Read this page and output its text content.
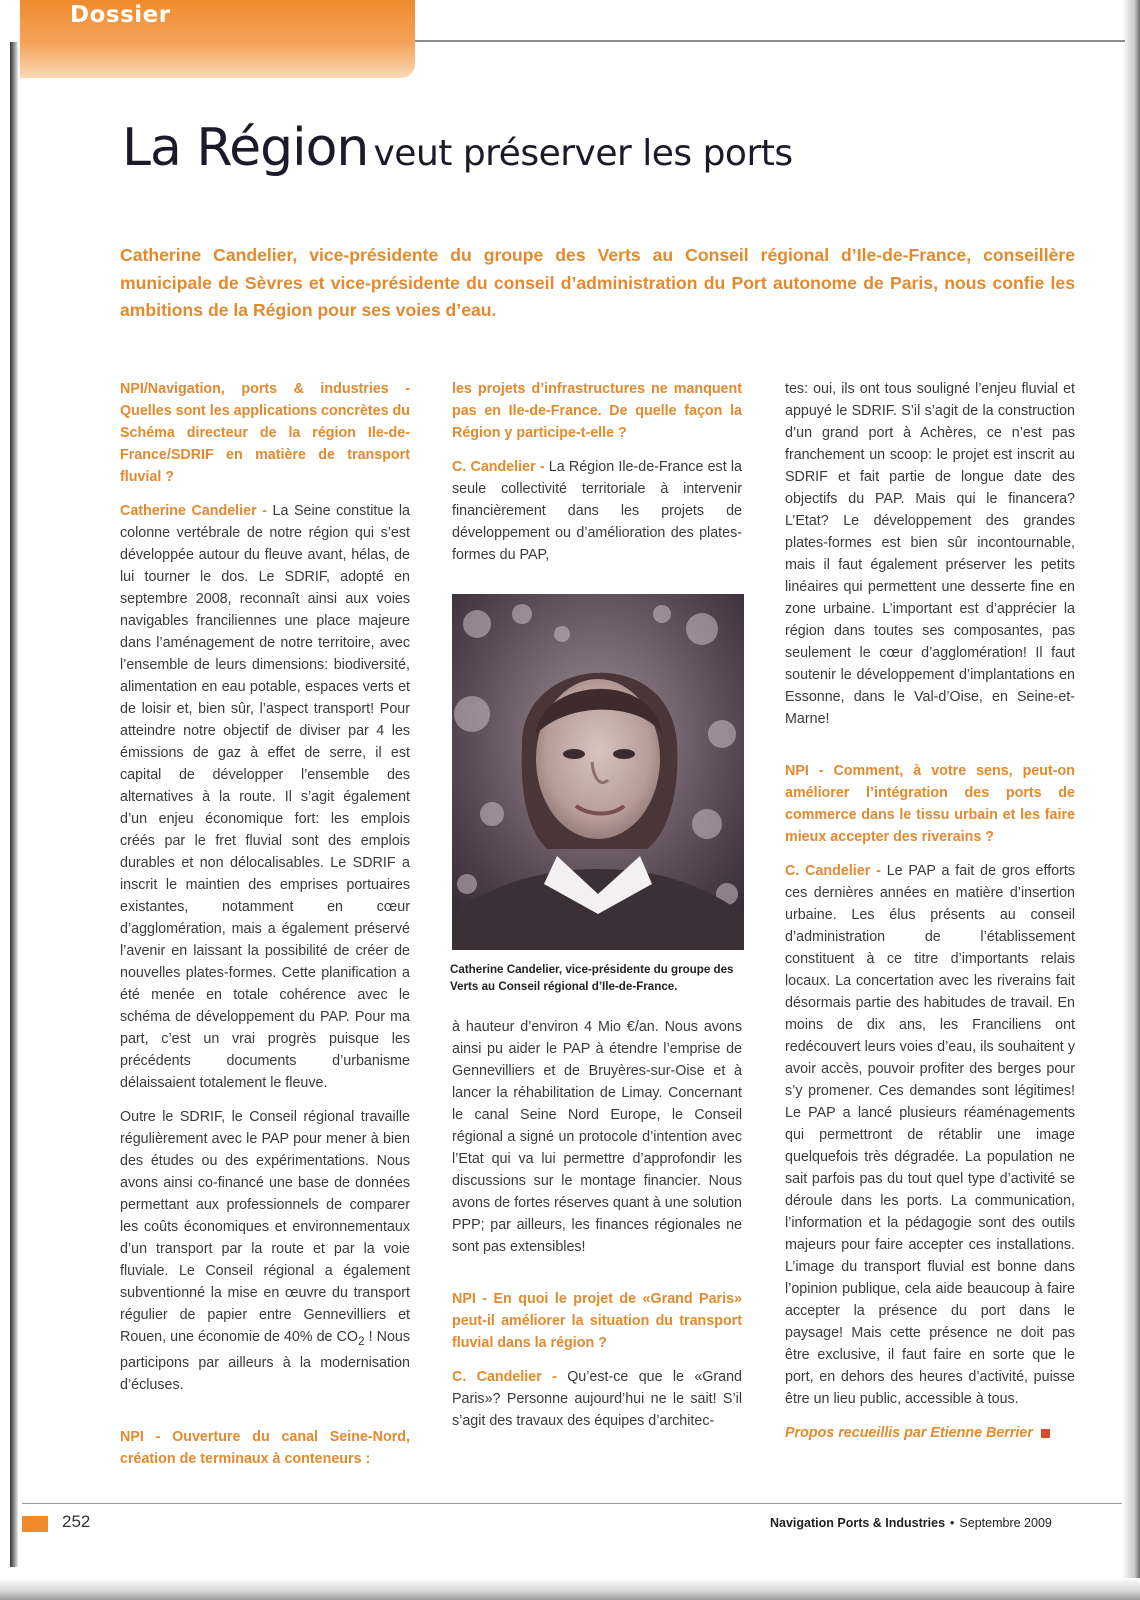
Dossier
La Région veut préserver les ports
Catherine Candelier, vice-présidente du groupe des Verts au Conseil régional d’Ile-de-France, conseillère municipale de Sèvres et vice-présidente du conseil d’administration du Port autonome de Paris, nous confie les ambitions de la Région pour ses voies d’eau.

NPI/Navigation, ports & industries - Quelles sont les applications concrètes du Schéma directeur de la région Ile-de-France/SDRIF en matière de transport fluvial ?

Catherine Candelier - La Seine constitue la colonne vertébrale de notre région qui s’est développée autour du fleuve avant, hélas, de lui tourner le dos. Le SDRIF, adopté en septembre 2008, reconnaît ainsi aux voies navigables franciliennes une place majeure dans l’aménagement de notre territoire, avec l’ensemble de leurs dimensions: biodiversité, alimentation en eau potable, espaces verts et de loisir et, bien sûr, l’aspect transport! Pour atteindre notre objectif de diviser par 4 les émissions de gaz à effet de serre, il est capital de développer l’ensemble des alternatives à la route. Il s’agit également d’un enjeu économique fort: les emplois créés par le fret fluvial sont des emplois durables et non délocalisables. Le SDRIF a inscrit le maintien des emprises portuaires existantes, notamment en cœur d’agglomération, mais a également préservé l’avenir en laissant la possibilité de créer de nouvelles plates-formes. Cette planification a été menée en totale cohérence avec le schéma de développement du PAP. Pour ma part, c’est un vrai progrès puisque les précédents documents d’urbanisme délaissaient totalement le fleuve.

Outre le SDRIF, le Conseil régional travaille régulièrement avec le PAP pour mener à bien des études ou des expérimentations. Nous avons ainsi co-financé une base de données permettant aux professionnels de comparer les coûts économiques et environnementaux d’un transport par la route et par la voie fluviale. Le Conseil régional a également subventionné la mise en œuvre du transport régulier de papier entre Gennevilliers et Rouen, une économie de 40% de $CO_2$ ! Nous participons par ailleurs à la modernisation d’écluses.

NPI - Ouverture du canal Seine-Nord, création de terminaux à conteneurs :

les projets d’infrastructures ne manquent pas en Ile-de-France. De quelle façon la Région y participe-t-elle ?

C. Candelier - La Région Ile-de-France est la seule collectivité territoriale à intervenir financièrement dans les projets de développement ou d’amélioration des plates-formes du PAP,

Catherine Candelier, vice-présidente du groupe des Verts au Conseil régional d’Ile-de-France.

à hauteur d’environ 4 Mio €/an. Nous avons ainsi pu aider le PAP à étendre l’emprise de Gennevilliers et de Bruyères-sur-Oise et à lancer la réhabilitation de Limay. Concernant le canal Seine Nord Europe, le Conseil régional a signé un protocole d’intention avec l’Etat qui va lui permettre d’approfondir les discussions sur le montage financier. Nous avons de fortes réserves quant à une solution PPP; par ailleurs, les finances régionales ne sont pas extensibles!

NPI - En quoi le projet de «Grand Paris» peut-il améliorer la situation du transport fluvial dans la région ?

C. Candelier - Qu’est-ce que le «Grand Paris»? Personne aujourd’hui ne le sait! S’il s’agit des travaux des équipes d’architec-

tes: oui, ils ont tous souligné l’enjeu fluvial et appuyé le SDRIF. S’il s’agit de la construction d’un grand port à Achères, ce n’est pas franchement un scoop: le projet est inscrit au SDRIF et fait partie de longue date des objectifs du PAP. Mais qui le financera? L’Etat? Le développement des grandes plates-formes est bien sûr incontournable, mais il faut également préserver les petits linéaires qui permettent une desserte fine en zone urbaine. L’important est d’apprécier la région dans toutes ses composantes, pas seulement le cœur d’agglomération! Il faut soutenir le développement d’implantations en Essonne, dans le Val-d’Oise, en Seine-et-Marne!

NPI - Comment, à votre sens, peut-on améliorer l’intégration des ports de commerce dans le tissu urbain et les faire mieux accepter des riverains ?

C. Candelier - Le PAP a fait de gros efforts ces dernières années en matière d’insertion urbaine. Les élus présents au conseil d’administration de l’établissement constituent à ce titre d’importants relais locaux. La concertation avec les riverains fait désormais partie des habitudes de travail. En moins de dix ans, les Franciliens ont redécouvert leurs voies d’eau, ils souhaitent y avoir accès, pouvoir profiter des berges pour s’y promener. Ces demandes sont légitimes! Le PAP a lancé plusieurs réaménagements qui permettront de rétablir une image quelquefois très dégradée. La population ne sait parfois pas du tout quel type d’activité se déroule dans les ports. La communication, l’information et la pédagogie sont des outils majeurs pour faire accepter ces installations. L’image du transport fluvial est bonne dans l’opinion publique, cela aide beaucoup à faire accepter la présence du port dans le paysage! Mais cette présence ne doit pas être exclusive, il faut faire en sorte que le port, en dehors des heures d’activité, puisse être un lieu public, accessible à tous.

Propos recueillis par Etienne Berrier

252	Navigation Ports & Industries • Septembre 2009
